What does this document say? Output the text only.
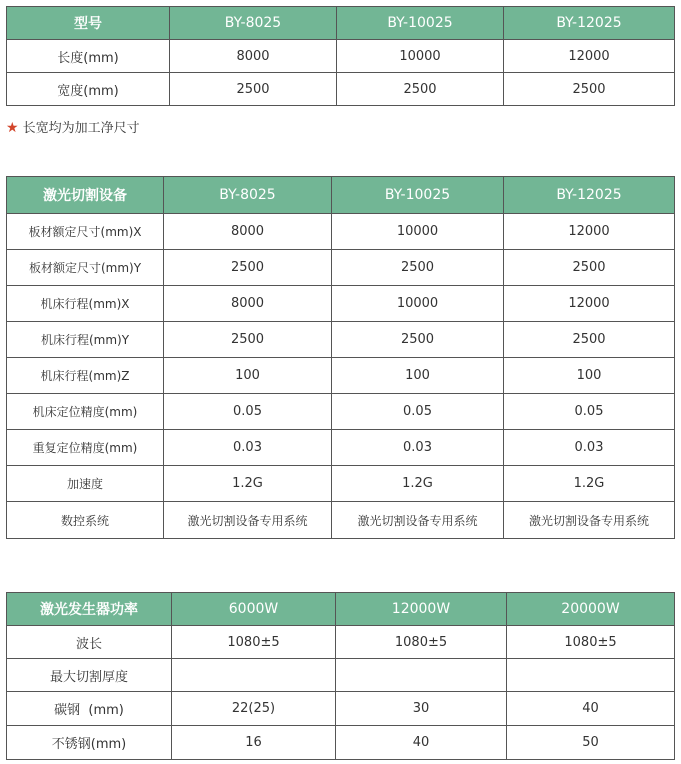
型号	BY-8025	BY-10025	BY-12025
长度(mm)	8000	10000	12000
宽度(mm)	2500	2500	2500
★ 长宽均为加工净尺寸
激光切割设备	BY-8025	BY-10025	BY-12025
板材额定尺寸(mm)X	8000	10000	12000
板材额定尺寸(mm)Y	2500	2500	2500
机床行程(mm)X	8000	10000	12000
机床行程(mm)Y	2500	2500	2500
机床行程(mm)Z	100	100	100
机床定位精度(mm)	0.05	0.05	0.05
重复定位精度(mm)	0.03	0.03	0.03
加速度	1.2G	1.2G	1.2G
数控系统	激光切割设备专用系统	激光切割设备专用系统	激光切割设备专用系统
激光发生器功率	6000W	12000W	20000W
波长	1080±5	1080±5	1080±5
最大切割厚度			
碳钢  (mm)	22(25)	30	40
不锈钢(mm)	16	40	50
